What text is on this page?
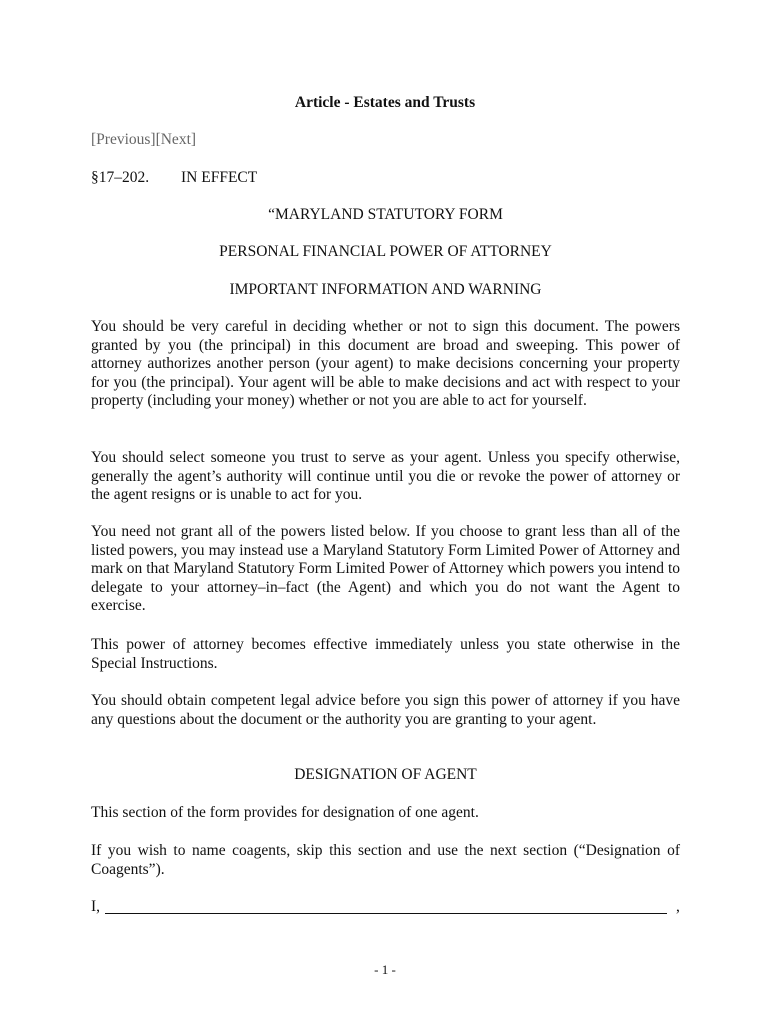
Article - Estates and Trusts
[Previous][Next]
§17–202. IN EFFECT
“MARYLAND STATUTORY FORM
PERSONAL FINANCIAL POWER OF ATTORNEY
IMPORTANT INFORMATION AND WARNING
You should be very careful in deciding whether or not to sign this document. The powers granted by you (the principal) in this document are broad and sweeping. This power of attorney authorizes another person (your agent) to make decisions concerning your property for you (the principal). Your agent will be able to make decisions and act with respect to your property (including your money) whether or not you are able to act for yourself.
You should select someone you trust to serve as your agent. Unless you specify otherwise, generally the agent’s authority will continue until you die or revoke the power of attorney or the agent resigns or is unable to act for you.
You need not grant all of the powers listed below. If you choose to grant less than all of the listed powers, you may instead use a Maryland Statutory Form Limited Power of Attorney and mark on that Maryland Statutory Form Limited Power of Attorney which powers you intend to delegate to your attorney–in–fact (the Agent) and which you do not want the Agent to exercise.
This power of attorney becomes effective immediately unless you state otherwise in the Special Instructions.
You should obtain competent legal advice before you sign this power of attorney if you have any questions about the document or the authority you are granting to your agent.
DESIGNATION OF AGENT
This section of the form provides for designation of one agent.
If you wish to name coagents, skip this section and use the next section (“Designation of Coagents”).
I,	,
- 1 -
